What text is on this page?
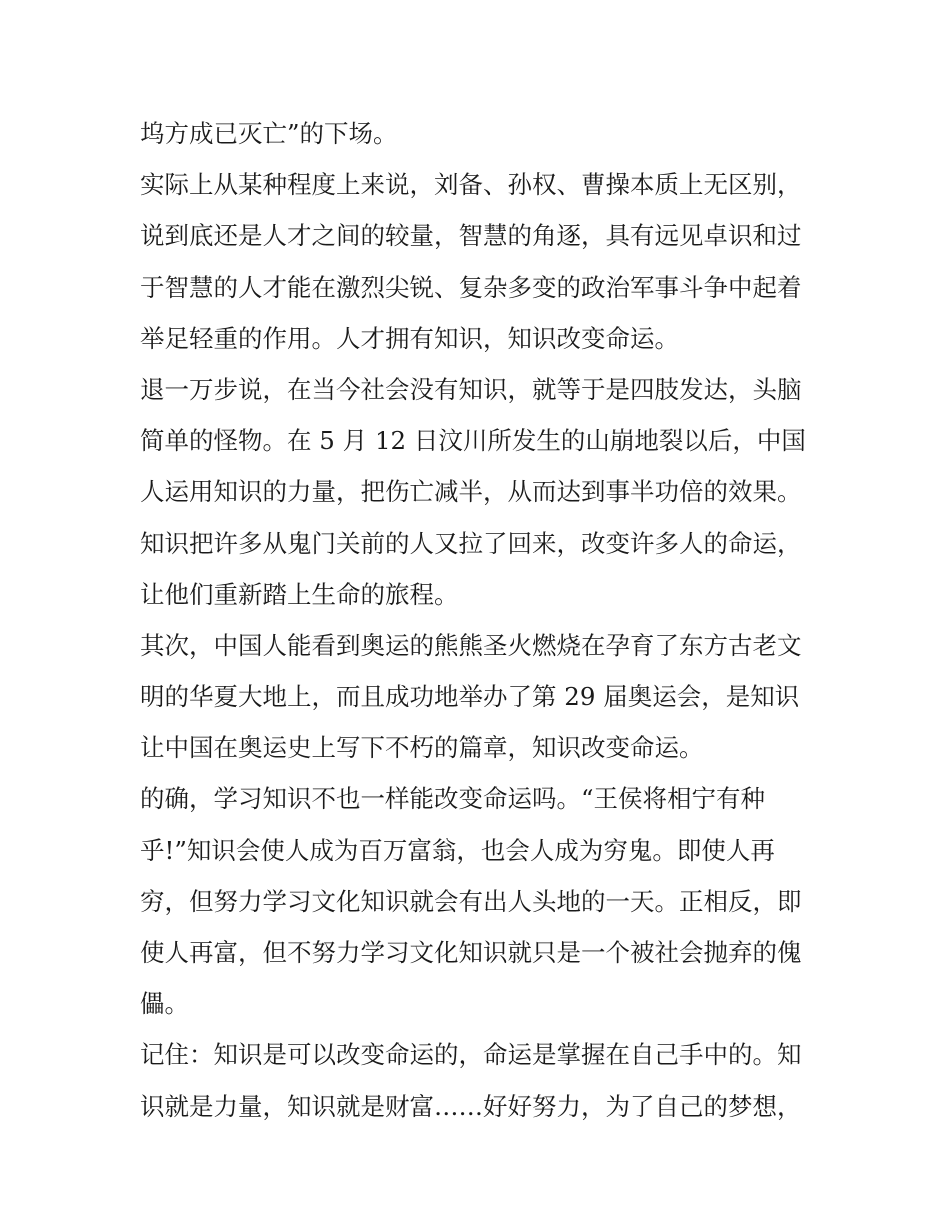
坞方成已灭亡”的下场。
实际上从某种程度上来说，刘备、孙权、曹操本质上无区别，
说到底还是人才之间的较量，智慧的角逐，具有远见卓识和过
于智慧的人才能在激烈尖锐、复杂多变的政治军事斗争中起着
举足轻重的作用。人才拥有知识，知识改变命运。
退一万步说，在当今社会没有知识，就等于是四肢发达，头脑
简单的怪物。在 5 月 12 日汶川所发生的山崩地裂以后，中国
人运用知识的力量，把伤亡减半，从而达到事半功倍的效果。
知识把许多从鬼门关前的人又拉了回来，改变许多人的命运，
让他们重新踏上生命的旅程。
其次，中国人能看到奥运的熊熊圣火燃烧在孕育了东方古老文
明的华夏大地上，而且成功地举办了第 29 届奥运会，是知识
让中国在奥运史上写下不朽的篇章，知识改变命运。
的确，学习知识不也一样能改变命运吗。“王侯将相宁有种
乎!”知识会使人成为百万富翁，也会人成为穷鬼。即使人再
穷，但努力学习文化知识就会有出人头地的一天。正相反，即
使人再富，但不努力学习文化知识就只是一个被社会抛弃的傀
儡。
记住：知识是可以改变命运的，命运是掌握在自己手中的。知
识就是力量，知识就是财富……好好努力，为了自己的梦想，
